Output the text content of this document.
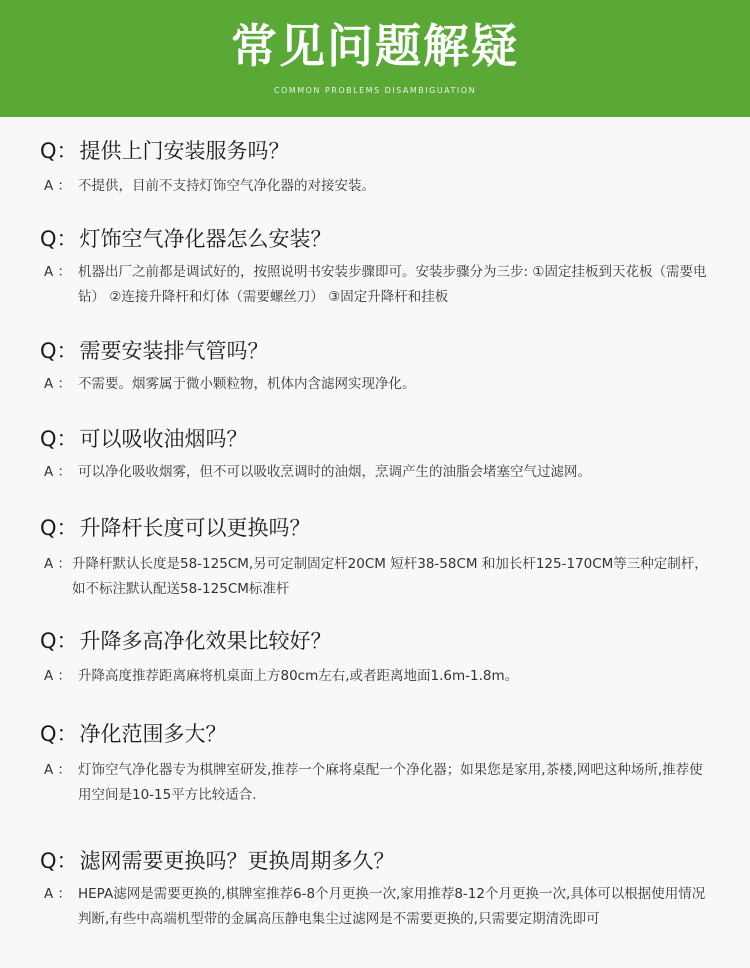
常见问题解疑
COMMON PROBLEMS DISAMBIGUATION
Q：提供上门安装服务吗？
A ： 不提供，目前不支持灯饰空气净化器的对接安装。
Q：灯饰空气净化器怎么安装？
A ： 机器出厂之前都是调试好的，按照说明书安装步骤即可。安装步骤分为三步: ①固定挂板到天花板（需要电钻） ②连接升降杆和灯体（需要螺丝刀） ③固定升降杆和挂板
Q：需要安装排气管吗？
A ： 不需要。烟雾属于微小颗粒物，机体内含滤网实现净化。
Q：可以吸收油烟吗？
A ： 可以净化吸收烟雾，但不可以吸收烹调时的油烟，烹调产生的油脂会堵塞空气过滤网。
Q：升降杆长度可以更换吗？
A ： 升降杆默认长度是58-125CM,另可定制固定杆20CM 短杆38-58CM 和加长杆125-170CM等三种定制杆，如不标注默认配送58-125CM标准杆
Q：升降多高净化效果比较好？
A ： 升降高度推荐距离麻将机桌面上方80cm左右,或者距离地面1.6m-1.8m。
Q：净化范围多大？
A ： 灯饰空气净化器专为棋牌室研发,推荐一个麻将桌配一个净化器；如果您是家用,茶楼,网吧这种场所,推荐使用空间是10-15平方比较适合.
Q：滤网需要更换吗？更换周期多久？
A ： HEPA滤网是需要更换的,棋牌室推荐6-8个月更换一次,家用推荐8-12个月更换一次,具体可以根据使用情况判断,有些中高端机型带的金属高压静电集尘过滤网是不需要更换的,只需要定期清洗即可
